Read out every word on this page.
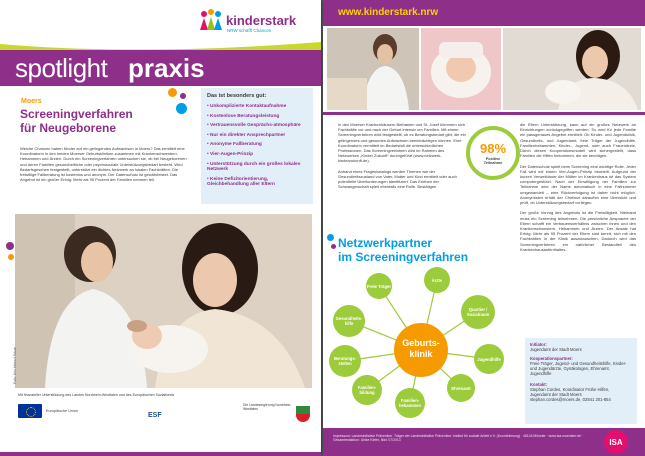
kinderstark
NRW schafft Chancen
spotlight praxis
Moers
Screeningverfahren
für Neugeborene
Welche Chancen haben Kinder auf ein gelingendes Aufwachsen in Moers? Das ermittelt eine Koordinatorin in den beiden Moerser Geburtskliniken zusammen mit Krankenschwestern, Hebammen und Ärzten. Durch ein Screeningverfahren untersuchen sie, ob bei Neugeborenen und deren Familien gesundheitliche oder psychosoziale Unterstützungsbedarf besteht. Wird Bedarfsgesehen festgestellt, unterstützt ein dichtes Netzwerk an lokalen Fachkräften. Die freiwillige Fallberatung ist kostenlos und anonym. Der Datenschutz ist gewährleistet. Das Angebot ist ein großer Erfolg: Mehr als 95 Prozent der Familien nehmen teil.
Das ist besonders gut:
• Unkomplizierte Kontaktaufnahme
• Kostenlose Beratungsleistung
• Vertrauensvolle Gesprächs-atmosphäre
• Nur ein direkter Ansprechpartner
• Anonyme Fallberatung
• Vier-Augen-Prinzip
• Unterstützung durch ein großes lokales Netzwerk
• Keine Defizitorientierung, Gleichbehandlung aller Eltern
Foto: Kris Hebers Bäum
Mit finanzieller Unterstützung des Landes Nordrhein-Westfalen und des Europäischen Sozialfonds
Europäische Union
ESF
Die Landesregierung Nordrhein-Westfalen
www.kinderstark.nrw
In den Moerser Krankenhäusern Bethanien und St. Josef kümmern sich Fachkräfte vor und nach der Geburt intensiv um Familien. Mit einem Screeningverfahren wird festgestellt, ob es Beratungsbedarf gibt, die ein gelingendes und gesundes Aufwachsen beeinträchtigen können. Eine Koordinatorin vermittelt im Bedarfsfall die unterschiedlichen Professionen. Das Screeningverfahren wird im Rahmen des Netzwerkes „Kinder Zukunft“ durchgeführt (www.netzwerk-kinderzukunft.de).

Anhand eines Fragenkatalogs werden Themen wie der Gesundheitszustand von Vater, Mutter und Kind ermittelt oder auch potentielle Überforderungen identifiziert. Das Erleben der Schwangerschaft spielt ebenfalls eine Rolle. Bestätigen
die Eltern Unterstützung, kann auf ein großes Netzwerk an Einrichtungen zurückgegriffen werden. So wird für jede Familie ein passgenaues Angebot ermittelt: Ob Kinder- und Jugendklinik, Gesundheits- und Jugendamt, freie Träger der Jugendhilfe, Familienhebammen, Kinder-, Jugend- oder auch Frauenärzte. Durch diesen Kooperationsmodell wird sichergestellt, dass Familien die Hilfen bekommen, die sie benötigen.

Der Datenschutz spielt beim Screening eine wichtige Rolle. Jeder Fall wird mit einem Vier-Augen-Prinzip beurteilt. Aufgrund der kurzen Verweildauer der Mütter im Krankenhaus ist das System computergestützt. Nach der Einwilligung der Familien zur Teilnahme wird der Name automatisch in eine Fallnummer umgewandelt – eine Rückverfolgung ist daher nicht möglich. Anonymisiert erhält der Chefarzt daraufhin eine Übersicht und prüft, ob Unterstützungsbedarf vorliegen.

Der große Vorzug des Angebots ist die Freiwilligkeit. Niemand muss ein Screening teilnehmen. Die persönliche Ansprache der Eltern schafft ein Vertrauensverhältnis zwischen ihnen und den Krankenschwestern, Hebammen und Ärzten. Der Ansatz hat Erfolg: Mehr als 95 Prozent der Eltern sind bereit, sich mit den Fachkräften in der Klinik auszutauschen. Dadurch wird das Screeningverfahren ein natürlicher Bestandteil des Krankenhausaufenthaltes.
98%
Positive Teilnahme
Netzwerkpartner
im Screeningverfahren
Ärzte
Freie Träger
Quartier / Sozialraum
Gesundheits-hilfe
Jugendhilfe
Beratungs-stellen
Ehrenamt
Familien-bildung
Familien-hebammen
Geburts-
klinik
Initiator:
Jugendamt der Stadt Moers
Kooperationspartner:
Freie Träger, Jugend- und Gesundheitshilfe, Kinder- und Jugendärzte, Gynäkologen, Ehrenamt, Jugendhilfe
Kontakt:
Stephan Cordes, Koordinator Frühe Hilfen,
Jugendamt der Stadt Moers
stephan.cordes@moers.de, 02841 201-854
Impressum: Landesinitiative Prävention. Träger der Landesinitiative Prävention: Institut für soziale Arbeit e.V. (Koordinierung) · 48143 Münster · www.isa-muenster.de · Gesamtredaktion: Ulrike Kiefer, Bild: 07/2013	ISA
